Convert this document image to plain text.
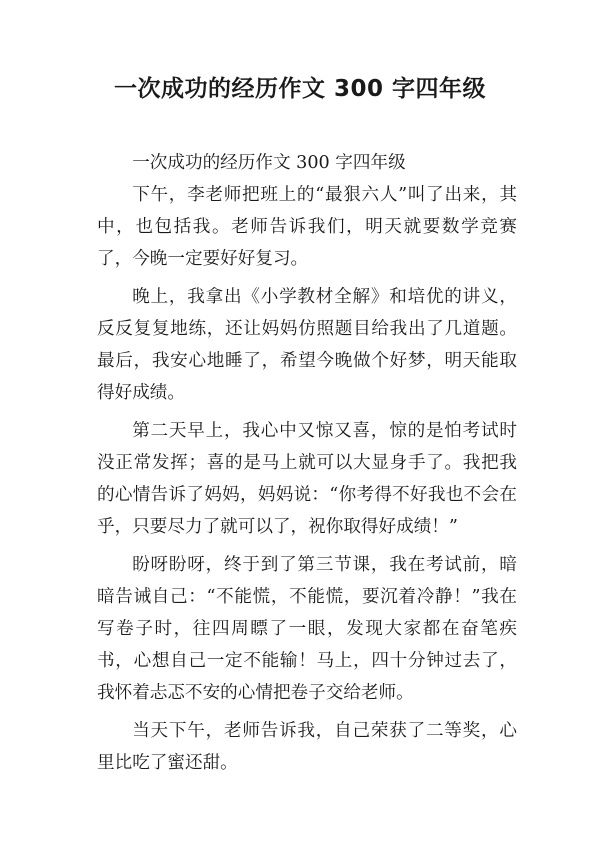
一次成功的经历作文 300 字四年级

一次成功的经历作文 300 字四年级

下午，李老师把班上的“最狠六人”叫了出来，其中，也包括我。老师告诉我们，明天就要数学竞赛了，今晚一定要好好复习。

晚上，我拿出《小学教材全解》和培优的讲义，反反复复地练，还让妈妈仿照题目给我出了几道题。最后，我安心地睡了，希望今晚做个好梦，明天能取得好成绩。

第二天早上，我心中又惊又喜，惊的是怕考试时没正常发挥；喜的是马上就可以大显身手了。我把我的心情告诉了妈妈，妈妈说：“你考得不好我也不会在乎，只要尽力了就可以了，祝你取得好成绩！”

盼呀盼呀，终于到了第三节课，我在考试前，暗暗告诫自己：“不能慌，不能慌，要沉着冷静！”我在写卷子时，往四周瞟了一眼，发现大家都在奋笔疾书，心想自己一定不能输！马上，四十分钟过去了，我怀着忐忑不安的心情把卷子交给老师。

当天下午，老师告诉我，自己荣获了二等奖，心里比吃了蜜还甜。
